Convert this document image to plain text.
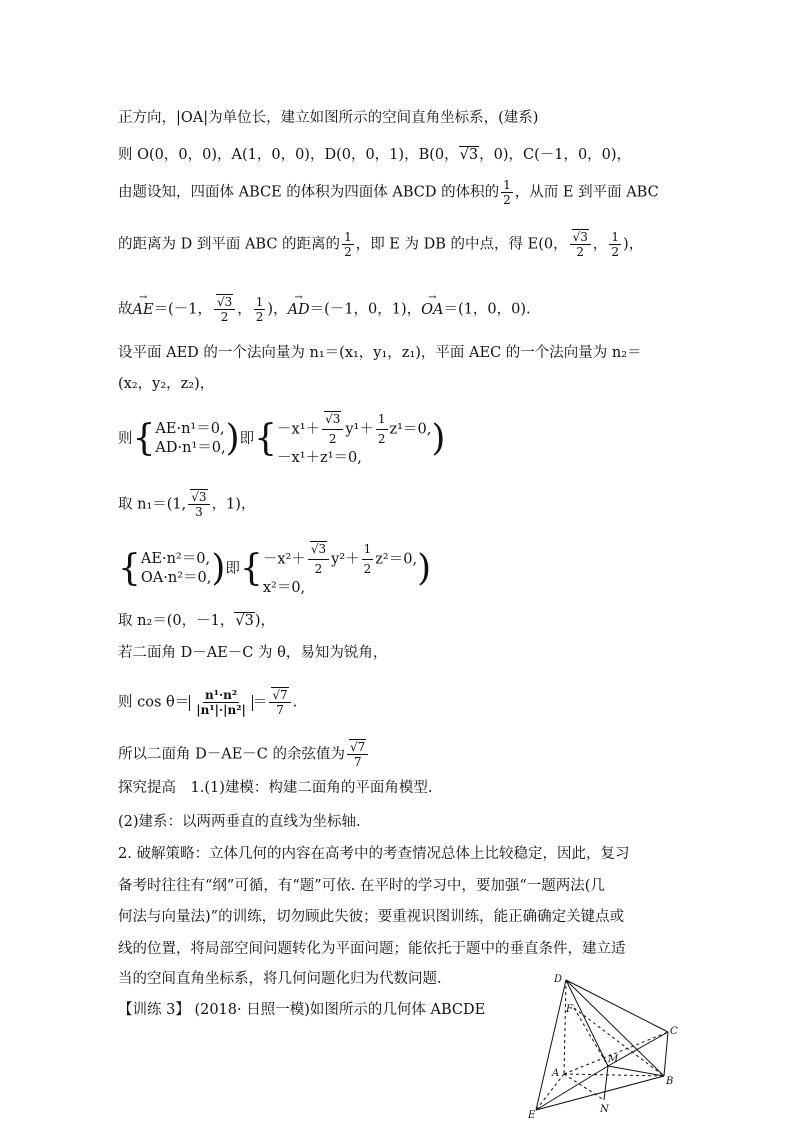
正方向，|OA|为单位长，建立如图所示的空间直角坐标系，(建系)
则 O(0，0，0)，A(1，0，0)，D(0，0，1)，B(0， √ 3，0)，C(－1，0，0)，
由题设知，四面体 ABCE 的体积为四面体 ABCD 的体积的 $\frac{1}{2}$ ，从而 E 到平面 ABC
的距离为 D 到平面 ABC 的距离的 $\frac{1}{2}$ ，即 E 为 DB 的中点，得 E(0， √ $\frac{3}{2}$ ， $\frac{1}{2}$ )，
故AE →＝(－1， √ $\frac{3}{2}$ ， $\frac{1}{2}$ )，AD →＝(－1，0，1)，OA →＝(1，0，0).
设平面 AED 的一个法向量为 n₁＝(x₁，y₁，z₁)，平面 AEC 的一个法向量为 n₂＝
(x₂，y₂，z₂)，
则{ AE·n¹＝0,
AD·n¹＝0, )即{ －x¹＋ √ $\frac{3}{2} y^1+ \frac{1}{2} z^1=0$,
－x¹＋z¹＝0,	)
取 n₁＝(1, √ $\frac{3}{3}$ ，1)，
{ AE·n²＝0,
OA·n²＝0, )即{ －x²＋ √ $\frac{3}{2} y^2+ \frac{1}{2} z^2=0$,
x²＝0,	)
取 n₂＝(0，－1， √ 3)，
若二面角 D－AE－C 为 θ，易知为锐角，
则 $\cos \theta= \frac{\text{n¹·n²}}{\text{|n¹|·|n²|}}$ ＝ √ $\frac{7}{7}$ .
所以二面角 D－AE－C 的余弦值为 √ $\frac{7}{7}$
探究提高　1.(1)建模：构建二面角的平面角模型.
(2)建系：以两两垂直的直线为坐标轴.
2. 破解策略：立体几何的内容在高考中的考查情况总体上比较稳定，因此，复习
备考时往往有“纲”可循，有“题”可依. 在平时的学习中，要加强“一题两法(几
何法与向量法)”的训练，切勿顾此失彼；要重视识图训练，能正确确定关键点或
线的位置，将局部空间问题转化为平面问题；能依托于题中的垂直条件，建立适
当的空间直角坐标系，将几何问题化归为代数问题.
【训练 3】 (2018· 日照一模)如图所示的几何体 ABCDE
D
F
C
M
A
B
N
E
